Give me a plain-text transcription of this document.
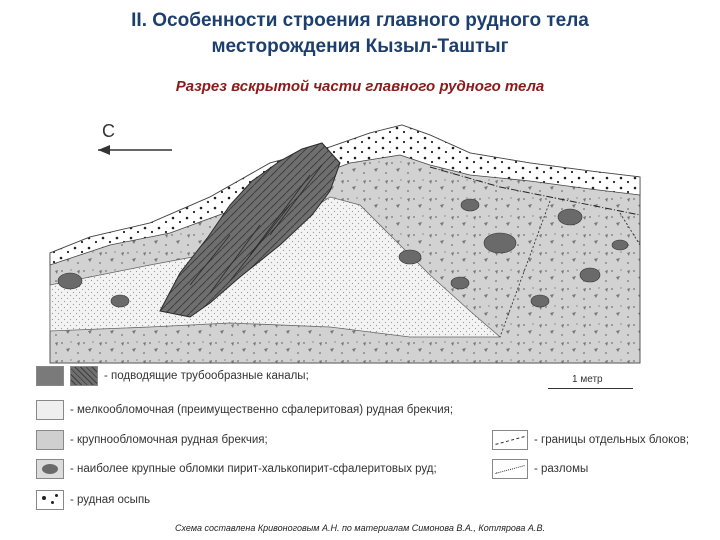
II. Особенности строения главного рудного тела
месторождения Кызыл-Таштыг
Разрез вскрытой части главного рудного тела
С
1 метр
- подводящие трубообразные каналы;
- мелкообломочная (преимущественно сфалеритовая) рудная брекчия;
- крупнообломочная рудная брекчия;
- наиболее крупные обломки пирит-халькопирит-сфалеритовых руд;
- рудная осыпь
- границы отдельных блоков;
- разломы
Схема составлена Кривоноговым А.Н. по материалам Симонова В.А., Котлярова А.В.
